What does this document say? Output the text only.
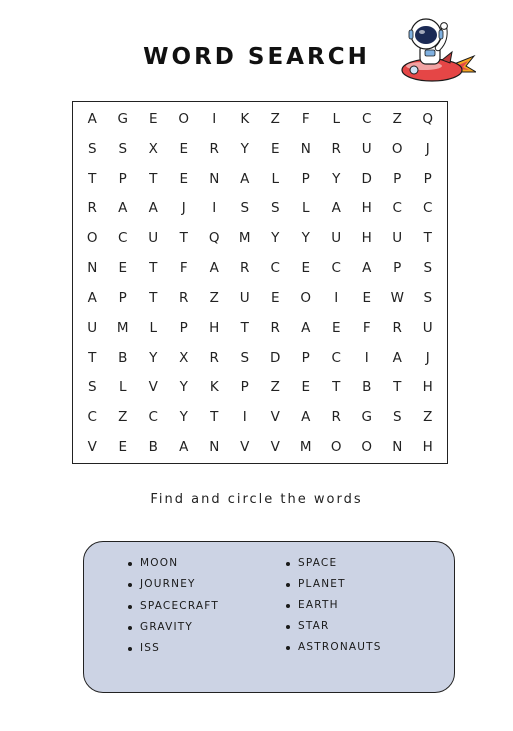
WORD SEARCH
A	G	E	O	I	K	Z	F	L	C	Z	Q
S	S	X	E	R	Y	E	N	R	U	O	J
T	P	T	E	N	A	L	P	Y	D	P	P
R	A	A	J	I	S	S	L	A	H	C	C
O	C	U	T	Q	M	Y	Y	U	H	U	T
N	E	T	F	A	R	C	E	C	A	P	S
A	P	T	R	Z	U	E	O	I	E	W	S
U	M	L	P	H	T	R	A	E	F	R	U
T	B	Y	X	R	S	D	P	C	I	A	J
S	L	V	Y	K	P	Z	E	T	B	T	H
C	Z	C	Y	T	I	V	A	R	G	S	Z
V	E	B	A	N	V	V	M	O	O	N	H
Find and circle the words
MOON
JOURNEY
SPACECRAFT
GRAVITY
ISS
SPACE
PLANET
EARTH
STAR
ASTRONAUTS
